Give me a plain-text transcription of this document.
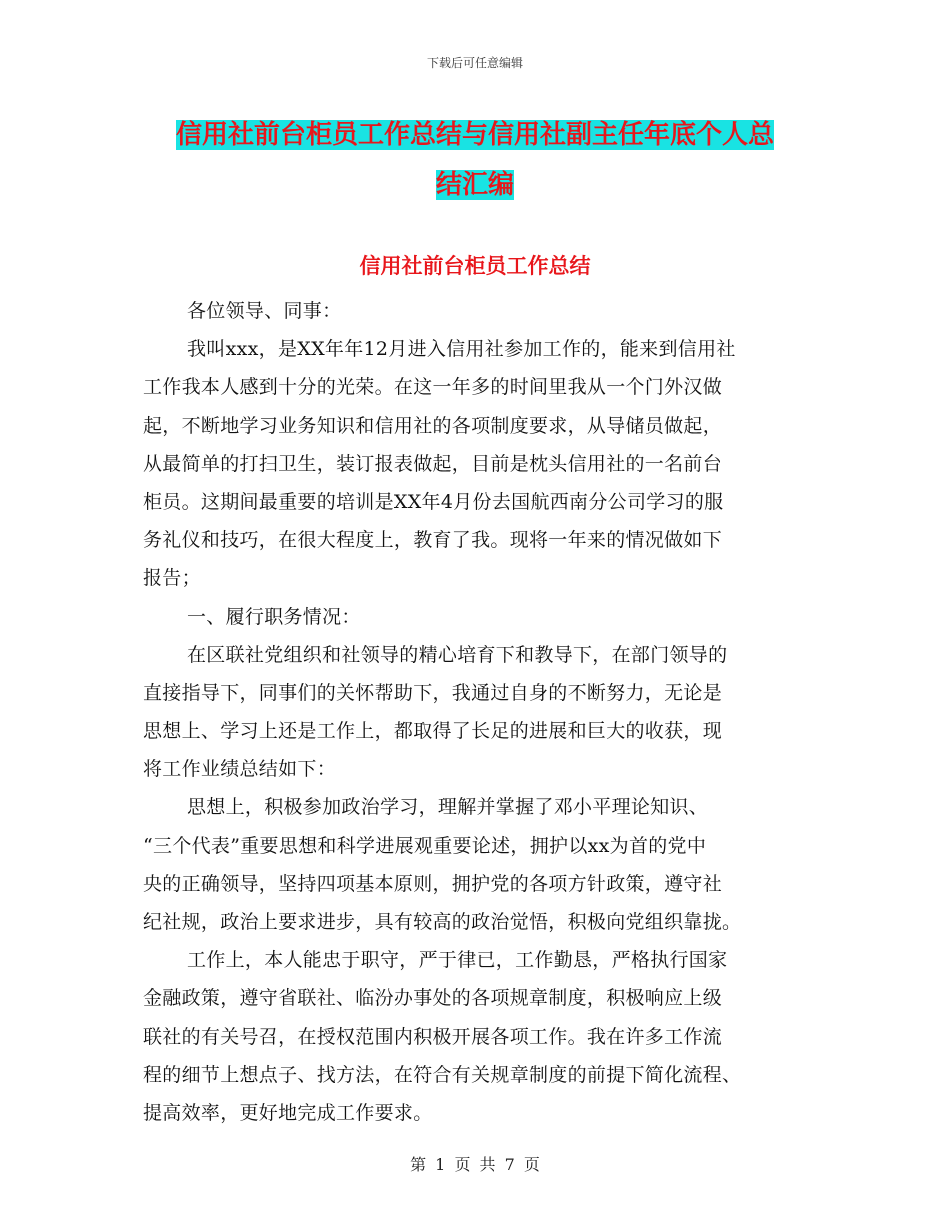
下载后可任意编辑
信用社前台柜员工作总结与信用社副主任年底个人总
结汇编
信用社前台柜员工作总结
各位领导、同事：
我叫xxx，是XX年年12月进入信用社参加工作的，能来到信用社
工作我本人感到十分的光荣。在这一年多的时间里我从一个门外汉做
起，不断地学习业务知识和信用社的各项制度要求，从导储员做起，
从最简单的打扫卫生，装订报表做起，目前是枕头信用社的一名前台
柜员。这期间最重要的培训是XX年4月份去国航西南分公司学习的服
务礼仪和技巧，在很大程度上，教育了我。现将一年来的情况做如下
报告；
一、履行职务情况：
在区联社党组织和社领导的精心培育下和教导下，在部门领导的
直接指导下，同事们的关怀帮助下，我通过自身的不断努力，无论是
思想上、学习上还是工作上，都取得了长足的进展和巨大的收获，现
将工作业绩总结如下：
思想上，积极参加政治学习，理解并掌握了邓小平理论知识、
“三个代表”重要思想和科学进展观重要论述，拥护以xx为首的党中
央的正确领导，坚持四项基本原则，拥护党的各项方针政策，遵守社
纪社规，政治上要求进步，具有较高的政治觉悟，积极向党组织靠拢。
工作上，本人能忠于职守，严于律已，工作勤恳，严格执行国家
金融政策，遵守省联社、临汾办事处的各项规章制度，积极响应上级
联社的有关号召，在授权范围内积极开展各项工作。我在许多工作流
程的细节上想点子、找方法，在符合有关规章制度的前提下简化流程、
提高效率，更好地完成工作要求。
第 1 页 共 7 页
